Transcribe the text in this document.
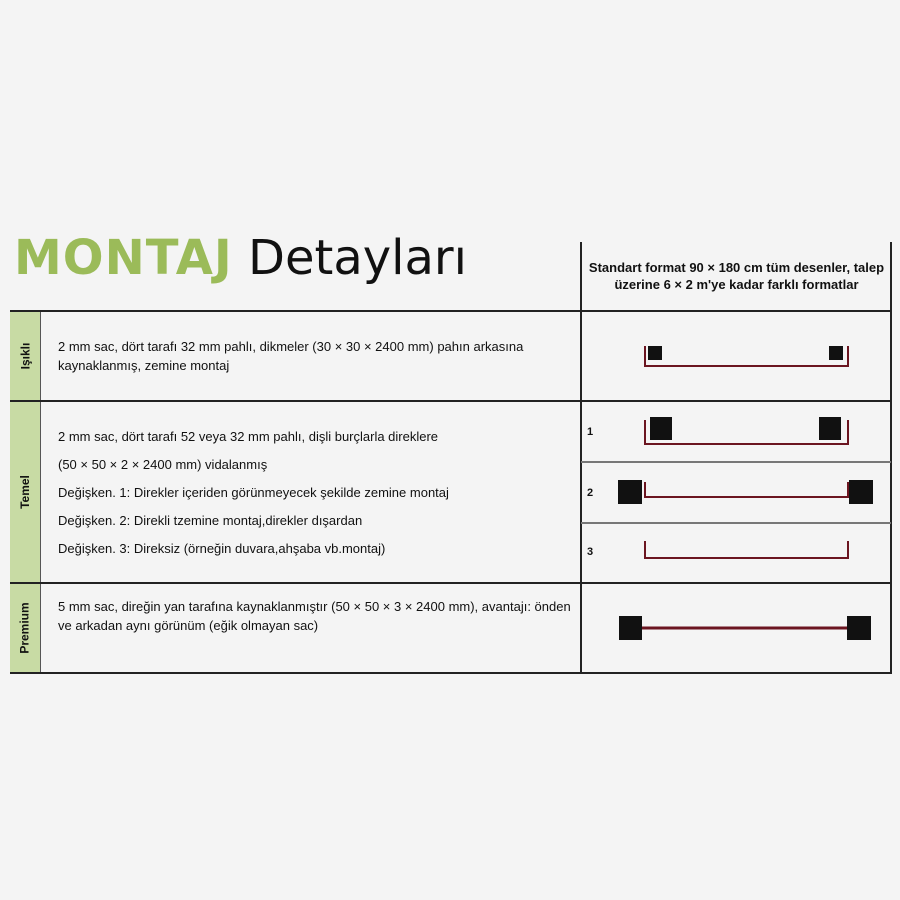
MONTAJ Detayları	Standart format 90 × 180 cm tüm desenler, talep üzerine 6 × 2 m'ye kadar farklı formatlar
Işıklı 2 mm sac, dört tarafı 32 mm pahlı, dikmeler (30 × 30 × 2400 mm) pahın arkasına kaynaklanmış, zemine montaj

Temel

2 mm sac, dört tarafı 52 veya 32 mm pahlı, dişli burçlarla direklere

(50 × 50 × 2 × 2400 mm) vidalanmış

Değişken. 1: Direkler içeriden görünmeyecek şekilde zemine montaj

Değişken. 2: Direkli tzemine montaj,direkler dışardan

Değişken. 3: Direksiz (örneğin duvara,ahşaba vb.montaj)

1
2
3
Premium 5 mm sac, direğin yan tarafına kaynaklanmıştır (50 × 50 × 3 × 2400 mm), avantajı: önden ve arkadan aynı görünüm (eğik olmayan sac)
